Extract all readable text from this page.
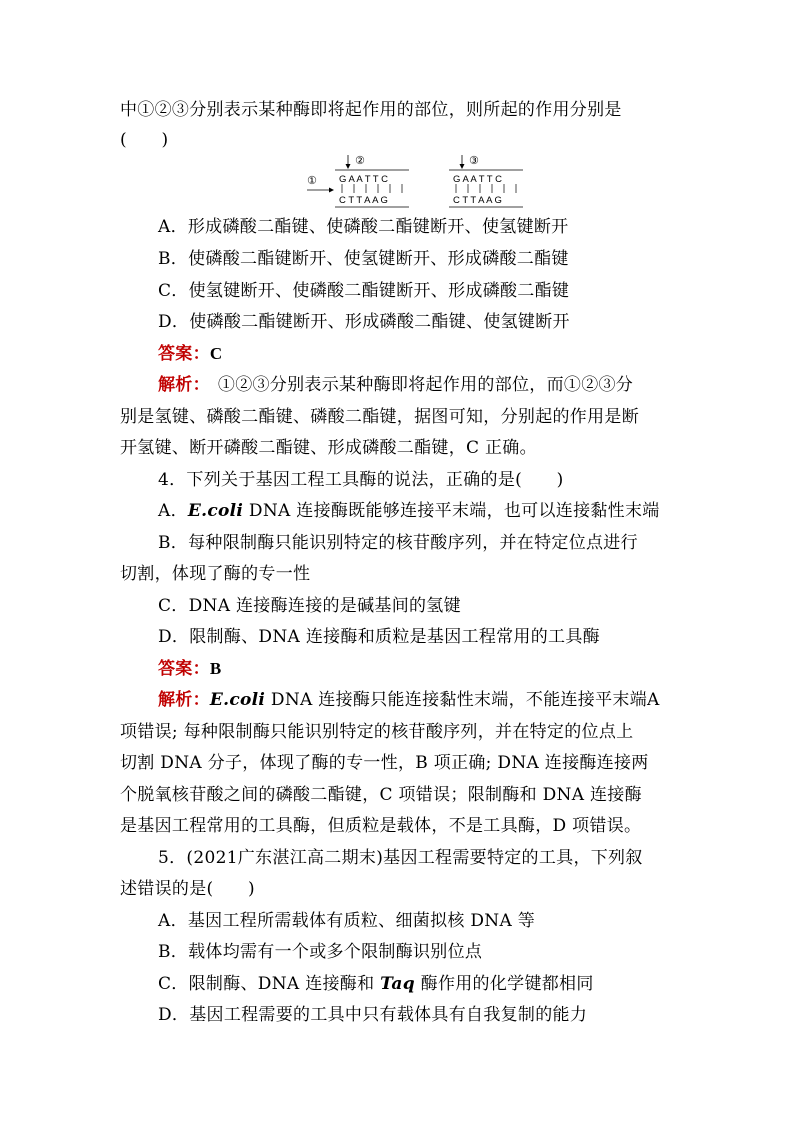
中①②③分别表示某种酶即将起作用的部位，则所起的作用分别是
(　　)
①
②
G A A T T C
C T T A A G
③
G A A T T C
C T T A A G
A．形成磷酸二酯键、使磷酸二酯键断开、使氢键断开
B．使磷酸二酯键断开、使氢键断开、形成磷酸二酯键
C．使氢键断开、使磷酸二酯键断开、形成磷酸二酯键
D．使磷酸二酯键断开、形成磷酸二酯键、使氢键断开
答案：C
解析： ①②③分别表示某种酶即将起作用的部位，而①②③分
别是氢键、磷酸二酯键、磷酸二酯键，据图可知，分别起的作用是断
开氢键、断开磷酸二酯键、形成磷酸二酯键，C 正确。
4．下列关于基因工程工具酶的说法，正确的是(　　)
A．E.coli DNA 连接酶既能够连接平末端，也可以连接黏性末端
B．每种限制酶只能识别特定的核苷酸序列，并在特定位点进行
切割，体现了酶的专一性
C．DNA 连接酶连接的是碱基间的氢键
D．限制酶、DNA 连接酶和质粒是基因工程常用的工具酶
答案：B
解析：E.coli DNA 连接酶只能连接黏性末端，不能连接平末端A
项错误; 每种限制酶只能识别特定的核苷酸序列，并在特定的位点上
切割 DNA 分子，体现了酶的专一性，B 项正确; DNA 连接酶连接两
个脱氧核苷酸之间的磷酸二酯键，C 项错误；限制酶和 DNA 连接酶
是基因工程常用的工具酶，但质粒是载体，不是工具酶，D 项错误。
5．(2021广东湛江高二期末)基因工程需要特定的工具，下列叙
述错误的是(　　)
A．基因工程所需载体有质粒、细菌拟核 DNA 等
B．载体均需有一个或多个限制酶识别位点
C．限制酶、DNA 连接酶和 Taq 酶作用的化学键都相同
D．基因工程需要的工具中只有载体具有自我复制的能力
